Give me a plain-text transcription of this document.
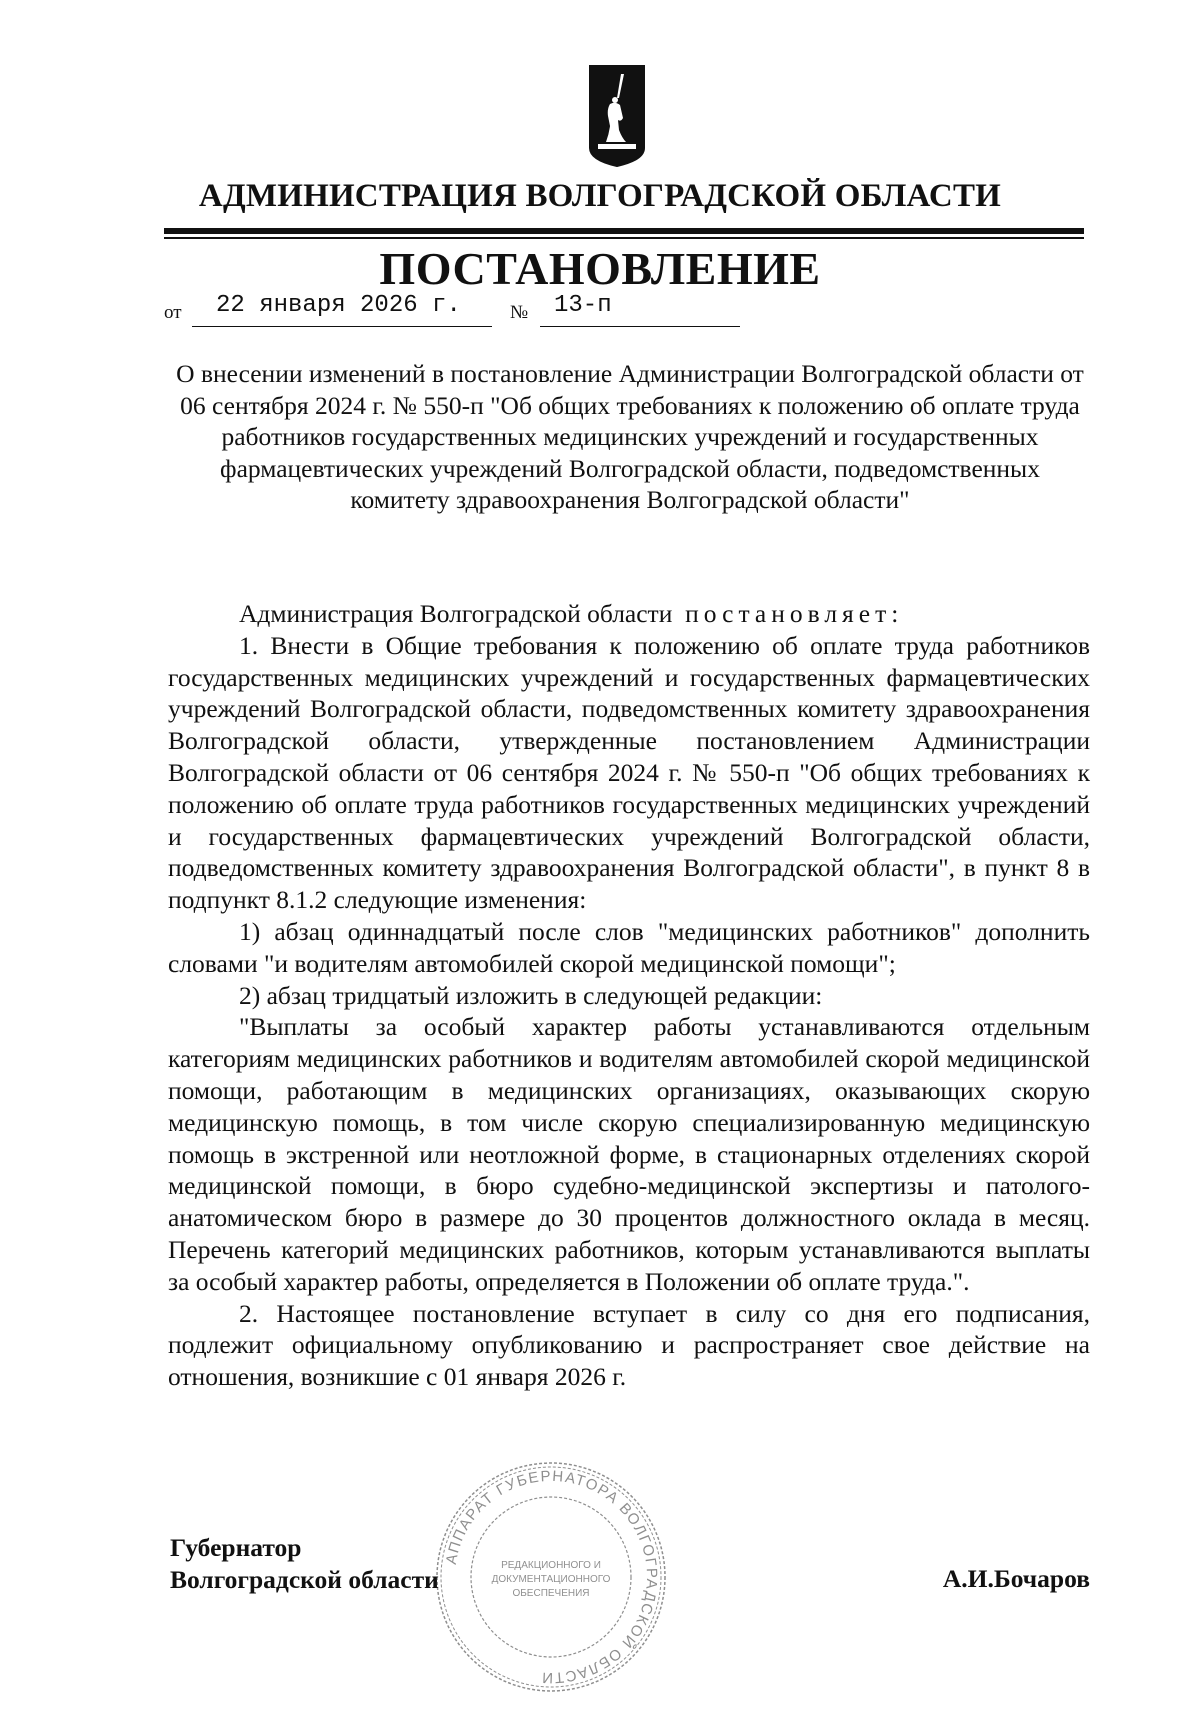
АДМИНИСТРАЦИЯ ВОЛГОГРАДСКОЙ ОБЛАСТИ
ПОСТАНОВЛЕНИЕ
от 22 января 2026 г.	№ 13-п
О внесении изменений в постановление Администрации Волгоградской области от 06 сентября 2024 г. № 550-п "Об общих требованиях к положению об оплате труда работников государственных медицинских учреждений и государственных фармацевтических учреждений Волгоградской области, подведомственных комитету здравоохранения Волгоградской области"

Администрация Волгоградской области постановляет:

1. Внести в Общие требования к положению об оплате труда работников государственных медицинских учреждений и государственных фармацевтических учреждений Волгоградской области, подведомственных комитету здравоохранения Волгоградской области, утвержденные постановлением Администрации Волгоградской области от 06 сентября 2024 г. № 550-п "Об общих требованиях к положению об оплате труда работников государственных медицинских учреждений и государственных фармацевтических учреждений Волгоградской области, подведомственных комитету здравоохранения Волгоградской области", в пункт 8 в подпункт 8.1.2 следующие изменения:

1) абзац одиннадцатый после слов "медицинских работников" дополнить словами "и водителям автомобилей скорой медицинской помощи";

2) абзац тридцатый изложить в следующей редакции:

"Выплаты за особый характер работы устанавливаются отдельным категориям медицинских работников и водителям автомобилей скорой медицинской помощи, работающим в медицинских организациях, оказывающих скорую медицинскую помощь, в том числе скорую специализированную медицинскую помощь в экстренной или неотложной форме, в стационарных отделениях скорой медицинской помощи, в бюро судебно-медицинской экспертизы и патолого-анатомическом бюро в размере до 30 процентов должностного оклада в месяц. Перечень категорий медицинских работников, которым устанавливаются выплаты за особый характер работы, определяется в Положении об оплате труда.".

2. Настоящее постановление вступает в силу со дня его подписания, подлежит официальному опубликованию и распространяет свое действие на отношения, возникшие с 01 января 2026 г.

Губернатор
Волгоградской области	А.И.Бочаров
АППАРАТ ГУБЕРНАТОРА ВОЛГОГРАДСКОЙ ОБЛАСТИ
РЕДАКЦИОННОГО И
ДОКУМЕНТАЦИОННОГО
ОБЕСПЕЧЕНИЯ
